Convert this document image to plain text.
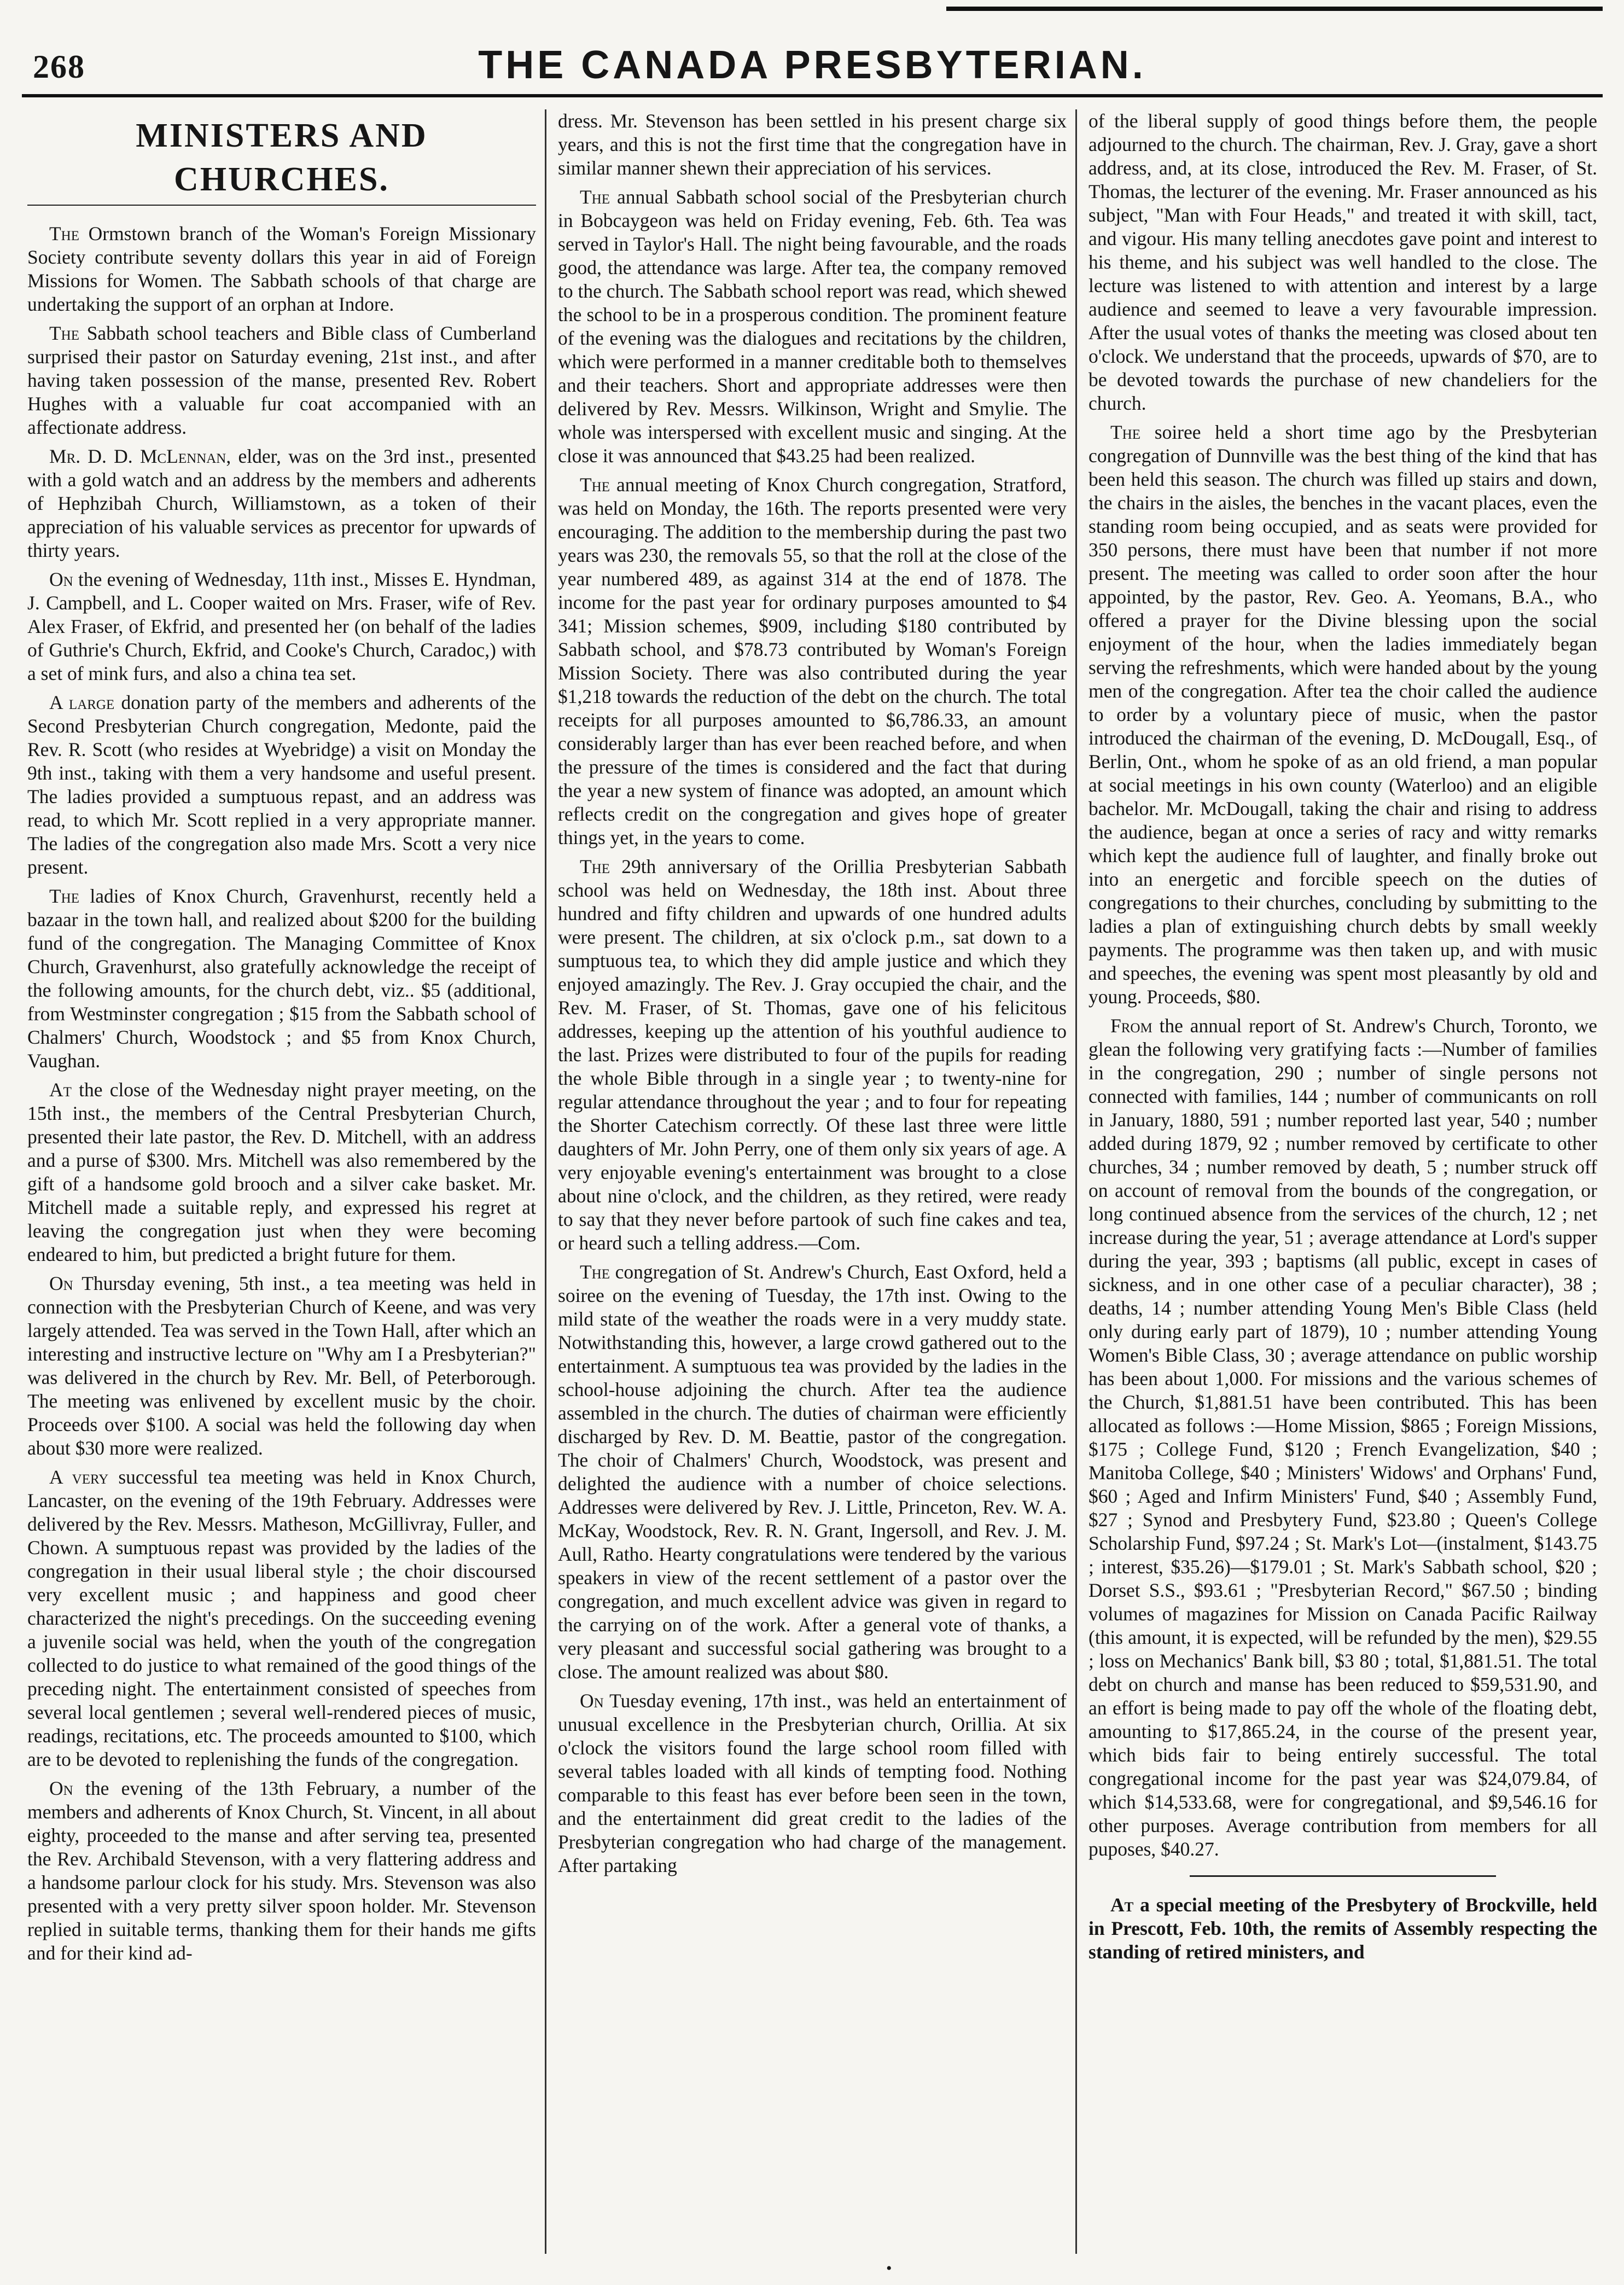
268	THE CANADA PRESBYTERIAN.
MINISTERS AND CHURCHES.

The Ormstown branch of the Woman's Foreign Missionary Society contribute seventy dollars this year in aid of Foreign Missions for Women. The Sabbath schools of that charge are undertaking the support of an orphan at Indore.

The Sabbath school teachers and Bible class of Cumberland surprised their pastor on Saturday evening, 21st inst., and after having taken possession of the manse, presented Rev. Robert Hughes with a valuable fur coat accompanied with an affectionate address.

Mr. D. D. McLennan, elder, was on the 3rd inst., presented with a gold watch and an address by the members and adherents of Hephzibah Church, Williamstown, as a token of their appreciation of his valuable services as precentor for upwards of thirty years.

On the evening of Wednesday, 11th inst., Misses E. Hyndman, J. Campbell, and L. Cooper waited on Mrs. Fraser, wife of Rev. Alex Fraser, of Ekfrid, and presented her (on behalf of the ladies of Guthrie's Church, Ekfrid, and Cooke's Church, Caradoc,) with a set of mink furs, and also a china tea set.

A large donation party of the members and adherents of the Second Presbyterian Church congregation, Medonte, paid the Rev. R. Scott (who resides at Wyebridge) a visit on Monday the 9th inst., taking with them a very handsome and useful present. The ladies provided a sumptuous repast, and an address was read, to which Mr. Scott replied in a very appropriate manner. The ladies of the congregation also made Mrs. Scott a very nice present.

The ladies of Knox Church, Gravenhurst, recently held a bazaar in the town hall, and realized about $200 for the building fund of the congregation. The Managing Committee of Knox Church, Gravenhurst, also gratefully acknowledge the receipt of the following amounts, for the church debt, viz.. $5 (additional, from Westminster congregation ; $15 from the Sabbath school of Chalmers' Church, Woodstock ; and $5 from Knox Church, Vaughan.

At the close of the Wednesday night prayer meeting, on the 15th inst., the members of the Central Presbyterian Church, presented their late pastor, the Rev. D. Mitchell, with an address and a purse of $300. Mrs. Mitchell was also remembered by the gift of a handsome gold brooch and a silver cake basket. Mr. Mitchell made a suitable reply, and expressed his regret at leaving the congregation just when they were becoming endeared to him, but predicted a bright future for them.

On Thursday evening, 5th inst., a tea meeting was held in connection with the Presbyterian Church of Keene, and was very largely attended. Tea was served in the Town Hall, after which an interesting and instructive lecture on "Why am I a Presbyterian?" was delivered in the church by Rev. Mr. Bell, of Peterborough. The meeting was enlivened by excellent music by the choir. Proceeds over $100. A social was held the following day when about $30 more were realized.

A very successful tea meeting was held in Knox Church, Lancaster, on the evening of the 19th February. Addresses were delivered by the Rev. Messrs. Matheson, McGillivray, Fuller, and Chown. A sumptuous repast was provided by the ladies of the congregation in their usual liberal style ; the choir discoursed very excellent music ; and happiness and good cheer characterized the night's precedings. On the succeeding evening a juvenile social was held, when the youth of the congregation collected to do justice to what remained of the good things of the preceding night. The entertainment consisted of speeches from several local gentlemen ; several well-rendered pieces of music, readings, recitations, etc. The proceeds amounted to $100, which are to be devoted to replenishing the funds of the congregation.

On the evening of the 13th February, a number of the members and adherents of Knox Church, St. Vincent, in all about eighty, proceeded to the manse and after serving tea, presented the Rev. Archibald Stevenson, with a very flattering address and a handsome parlour clock for his study. Mrs. Stevenson was also presented with a very pretty silver spoon holder. Mr. Stevenson replied in suitable terms, thanking them for their hands me gifts and for their kind ad-

dress. Mr. Stevenson has been settled in his present charge six years, and this is not the first time that the congregation have in similar manner shewn their appreciation of his services.

The annual Sabbath school social of the Presbyterian church in Bobcaygeon was held on Friday evening, Feb. 6th. Tea was served in Taylor's Hall. The night being favourable, and the roads good, the attendance was large. After tea, the company removed to the church. The Sabbath school report was read, which shewed the school to be in a prosperous condition. The prominent feature of the evening was the dialogues and recitations by the children, which were performed in a manner creditable both to themselves and their teachers. Short and appropriate addresses were then delivered by Rev. Messrs. Wilkinson, Wright and Smylie. The whole was interspersed with excellent music and singing. At the close it was announced that $43.25 had been realized.

The annual meeting of Knox Church congregation, Stratford, was held on Monday, the 16th. The reports presented were very encouraging. The addition to the membership during the past two years was 230, the removals 55, so that the roll at the close of the year numbered 489, as against 314 at the end of 1878. The income for the past year for ordinary purposes amounted to $4 341; Mission schemes, $909, including $180 contributed by Sabbath school, and $78.73 contributed by Woman's Foreign Mission Society. There was also contributed during the year $1,218 towards the reduction of the debt on the church. The total receipts for all purposes amounted to $6,786.33, an amount considerably larger than has ever been reached before, and when the pressure of the times is considered and the fact that during the year a new system of finance was adopted, an amount which reflects credit on the congregation and gives hope of greater things yet, in the years to come.

The 29th anniversary of the Orillia Presbyterian Sabbath school was held on Wednesday, the 18th inst. About three hundred and fifty children and upwards of one hundred adults were present. The children, at six o'clock p.m., sat down to a sumptuous tea, to which they did ample justice and which they enjoyed amazingly. The Rev. J. Gray occupied the chair, and the Rev. M. Fraser, of St. Thomas, gave one of his felicitous addresses, keeping up the attention of his youthful audience to the last. Prizes were distributed to four of the pupils for reading the whole Bible through in a single year ; to twenty-nine for regular attendance throughout the year ; and to four for repeating the Shorter Catechism correctly. Of these last three were little daughters of Mr. John Perry, one of them only six years of age. A very enjoyable evening's entertainment was brought to a close about nine o'clock, and the children, as they retired, were ready to say that they never before partook of such fine cakes and tea, or heard such a telling address.—Com.

The congregation of St. Andrew's Church, East Oxford, held a soiree on the evening of Tuesday, the 17th inst. Owing to the mild state of the weather the roads were in a very muddy state. Notwithstanding this, however, a large crowd gathered out to the entertainment. A sumptuous tea was provided by the ladies in the school-house adjoining the church. After tea the audience assembled in the church. The duties of chairman were efficiently discharged by Rev. D. M. Beattie, pastor of the congregation. The choir of Chalmers' Church, Woodstock, was present and delighted the audience with a number of choice selections. Addresses were delivered by Rev. J. Little, Princeton, Rev. W. A. McKay, Woodstock, Rev. R. N. Grant, Ingersoll, and Rev. J. M. Aull, Ratho. Hearty congratulations were tendered by the various speakers in view of the recent settlement of a pastor over the congregation, and much excellent advice was given in regard to the carrying on of the work. After a general vote of thanks, a very pleasant and successful social gathering was brought to a close. The amount realized was about $80.

On Tuesday evening, 17th inst., was held an entertainment of unusual excellence in the Presbyterian church, Orillia. At six o'clock the visitors found the large school room filled with several tables loaded with all kinds of tempting food. Nothing comparable to this feast has ever before been seen in the town, and the entertainment did great credit to the ladies of the Presbyterian congregation who had charge of the management. After partaking

of the liberal supply of good things before them, the people adjourned to the church. The chairman, Rev. J. Gray, gave a short address, and, at its close, introduced the Rev. M. Fraser, of St. Thomas, the lecturer of the evening. Mr. Fraser announced as his subject, "Man with Four Heads," and treated it with skill, tact, and vigour. His many telling anecdotes gave point and interest to his theme, and his subject was well handled to the close. The lecture was listened to with attention and interest by a large audience and seemed to leave a very favourable impression. After the usual votes of thanks the meeting was closed about ten o'clock. We understand that the proceeds, upwards of $70, are to be devoted towards the purchase of new chandeliers for the church.

The soiree held a short time ago by the Presbyterian congregation of Dunnville was the best thing of the kind that has been held this season. The church was filled up stairs and down, the chairs in the aisles, the benches in the vacant places, even the standing room being occupied, and as seats were provided for 350 persons, there must have been that number if not more present. The meeting was called to order soon after the hour appointed, by the pastor, Rev. Geo. A. Yeomans, B.A., who offered a prayer for the Divine blessing upon the social enjoyment of the hour, when the ladies immediately began serving the refreshments, which were handed about by the young men of the congregation. After tea the choir called the audience to order by a voluntary piece of music, when the pastor introduced the chairman of the evening, D. McDougall, Esq., of Berlin, Ont., whom he spoke of as an old friend, a man popular at social meetings in his own county (Waterloo) and an eligible bachelor. Mr. McDougall, taking the chair and rising to address the audience, began at once a series of racy and witty remarks which kept the audience full of laughter, and finally broke out into an energetic and forcible speech on the duties of congregations to their churches, concluding by submitting to the ladies a plan of extinguishing church debts by small weekly payments. The programme was then taken up, and with music and speeches, the evening was spent most pleasantly by old and young. Proceeds, $80.

From the annual report of St. Andrew's Church, Toronto, we glean the following very gratifying facts :—Number of families in the congregation, 290 ; number of single persons not connected with families, 144 ; number of communicants on roll in January, 1880, 591 ; number reported last year, 540 ; number added during 1879, 92 ; number removed by certificate to other churches, 34 ; number removed by death, 5 ; number struck off on account of removal from the bounds of the congregation, or long continued absence from the services of the church, 12 ; net increase during the year, 51 ; average attendance at Lord's supper during the year, 393 ; baptisms (all public, except in cases of sickness, and in one other case of a peculiar character), 38 ; deaths, 14 ; number attending Young Men's Bible Class (held only during early part of 1879), 10 ; number attending Young Women's Bible Class, 30 ; average attendance on public worship has been about 1,000. For missions and the various schemes of the Church, $1,881.51 have been contributed. This has been allocated as follows :—Home Mission, $865 ; Foreign Missions, $175 ; College Fund, $120 ; French Evangelization, $40 ; Manitoba College, $40 ; Ministers' Widows' and Orphans' Fund, $60 ; Aged and Infirm Ministers' Fund, $40 ; Assembly Fund, $27 ; Synod and Presbytery Fund, $23.80 ; Queen's College Scholarship Fund, $97.24 ; St. Mark's Lot—(instalment, $143.75 ; interest, $35.26)—$179.01 ; St. Mark's Sabbath school, $20 ; Dorset S.S., $93.61 ; "Presbyterian Record," $67.50 ; binding volumes of magazines for Mission on Canada Pacific Railway (this amount, it is expected, will be refunded by the men), $29.55 ; loss on Mechanics' Bank bill, $3 80 ; total, $1,881.51. The total debt on church and manse has been reduced to $59,531.90, and an effort is being made to pay off the whole of the floating debt, amounting to $17,865.24, in the course of the present year, which bids fair to being entirely successful. The total congregational income for the past year was $24,079.84, of which $14,533.68, were for congregational, and $9,546.16 for other purposes. Average contribution from members for all puposes, $40.27.

At a special meeting of the Presbytery of Brockville, held in Prescott, Feb. 10th, the remits of Assembly respecting the standing of retired ministers, and

•
